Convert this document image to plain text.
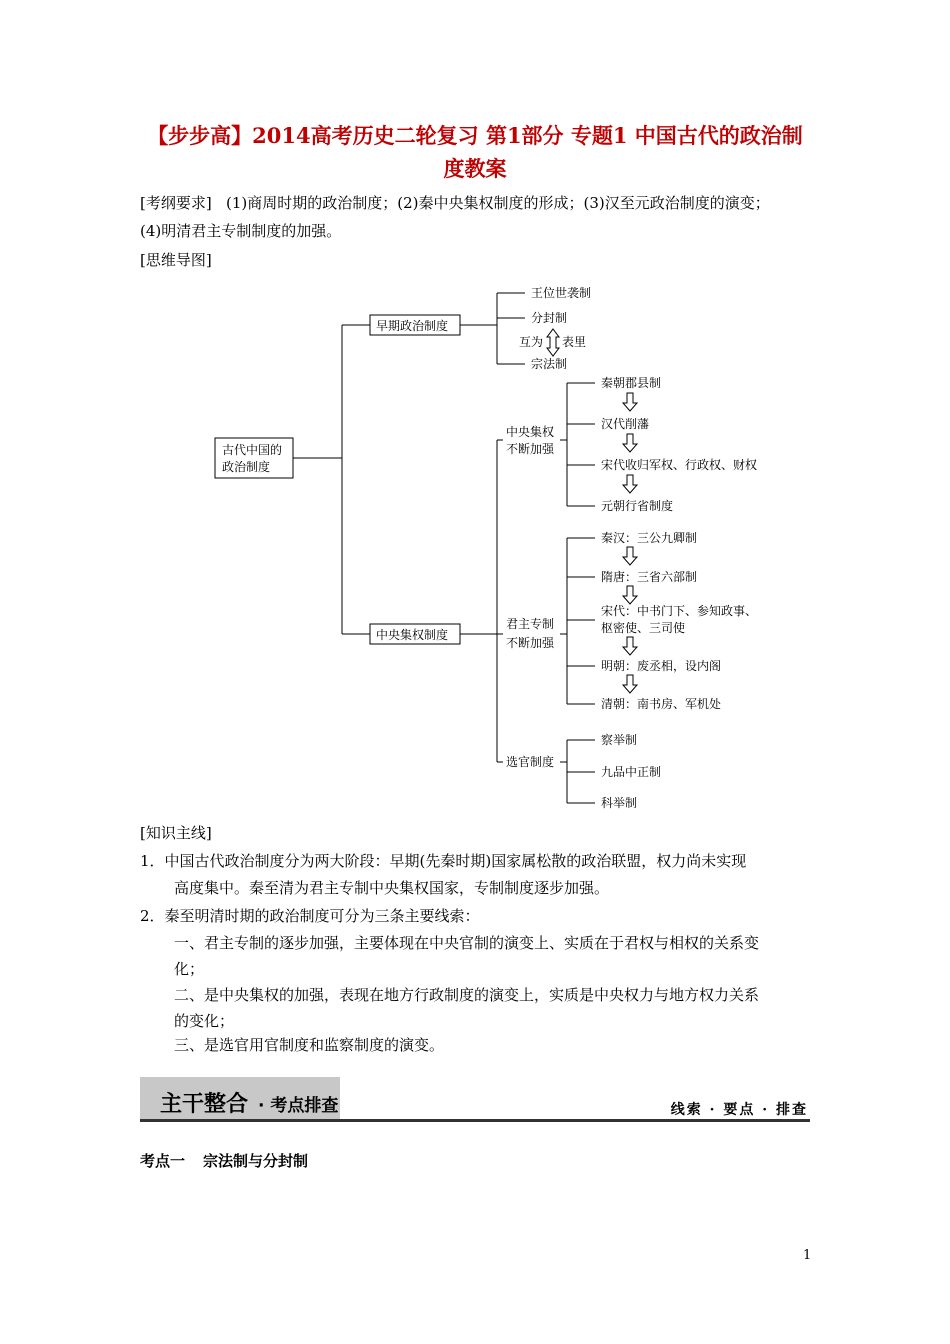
【步步高】2014高考历史二轮复习 第1部分 专题1 中国古代的政治制
度教案
[考纲要求] (1)商周时期的政治制度；(2)秦中央集权制度的形成；(3)汉至元政治制度的演变；
(4)明清君主专制制度的加强。
[思维导图]
古代中国的
政治制度
早期政治制度
中央集权制度
王位世袭制
分封制
宗法制
互为 表里
中央集权
不断加强
秦朝郡县制
汉代削藩
宋代收归军权、行政权、财权
元朝行省制度
君主专制
不断加强
秦汉：三公九卿制
隋唐：三省六部制
宋代：中书门下、参知政事、
枢密使、三司使
明朝：废丞相，设内阁
清朝：南书房、军机处
选官制度
察举制
九品中正制
科举制
[知识主线]
1．中国古代政治制度分为两大阶段：早期(先秦时期)国家属松散的政治联盟，权力尚未实现
高度集中。秦至清为君主专制中央集权国家，专制制度逐步加强。
2．秦至明清时期的政治制度可分为三条主要线索：
一、君主专制的逐步加强，主要体现在中央官制的演变上、实质在于君权与相权的关系变
化；
二、是中央集权的加强，表现在地方行政制度的演变上，实质是中央权力与地方权力关系
的变化；
三、是选官用官制度和监察制度的演变。
主干整合 · 考点排查	线索 · 要点 · 排查
考点一 宗法制与分封制
1
